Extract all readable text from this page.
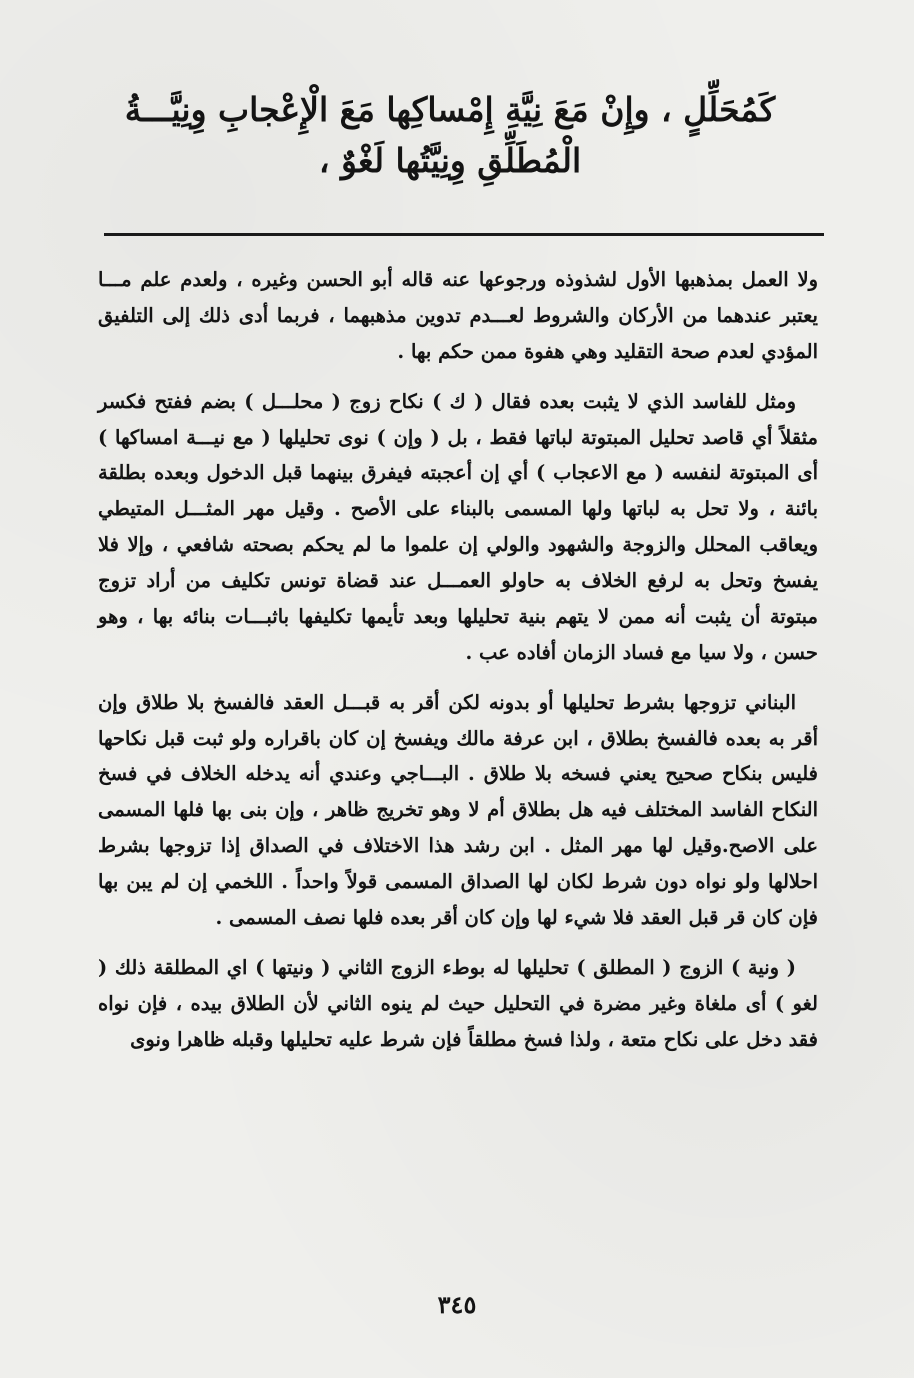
كَمُحَلِّلٍ ، وإِنْ مَعَ نِيَّةِ إِمْساكِها مَعَ الْإِعْجابِ وِنِيَّـــةُ
الْمُطَلِّقِ وِنِيَّتُها لَغْوٌ ،

ولا العمل بمذهبها الأول لشذوذه ورجوعها عنه قاله أبو الحسن وغيره ، ولعدم علم مـــا يعتبر عندهما من الأركان والشروط لعـــدم تدوين مذهبهما ، فربما أدى ذلك إلى التلفيق المؤدي لعدم صحة التقليد وهي هفوة ممن حكم بها .

ومثل للفاسد الذي لا يثبت بعده فقال ( ك ) نكاح زوج ( محلـــل ) بضم ففتح فكسر مثقلاً أي قاصد تحليل المبتوتة لباتها فقط ، بل ( وإن ) نوى تحليلها ( مع نيـــة امساكها ) أى المبتوتة لنفسه ( مع الاعجاب ) أي إن أعجبته فيفرق بينهما قبل الدخول وبعده بطلقة بائنة ، ولا تحل به لباتها ولها المسمى بالبناء على الأصح . وقيل مهر المثـــل المتيطي ويعاقب المحلل والزوجة والشهود والولي إن علموا ما لم يحكم بصحته شافعي ، وإلا فلا يفسخ وتحل به لرفع الخلاف به حاولو العمـــل عند قضاة تونس تكليف من أراد تزوج مبتوتة أن يثبت أنه ممن لا يتهم بنية تحليلها وبعد تأيمها تكليفها باثبـــات بنائه بها ، وهو حسن ، ولا سيا مع فساد الزمان أفاده عب .

البناني تزوجها بشرط تحليلها أو بدونه لكن أقر به قبـــل العقد فالفسخ بلا طلاق وإن أقر به بعده فالفسخ بطلاق ، ابن عرفة مالك ويفسخ إن كان باقراره ولو ثبت قبل نكاحها فليس بنكاح صحيح يعني فسخه بلا طلاق . البـــاجي وعندي أنه يدخله الخلاف في فسخ النكاح الفاسد المختلف فيه هل بطلاق أم لا وهو تخريج ظاهر ، وإن بنى بها فلها المسمى على الاصح.وقيل لها مهر المثل . ابن رشد هذا الاختلاف في الصداق إذا تزوجها بشرط احلالها ولو نواه دون شرط لكان لها الصداق المسمى قولاً واحداً . اللخمي إن لم يبن بها فإن كان قر قبل العقد فلا شيء لها وإن كان أقر بعده فلها نصف المسمى .

( ونية ) الزوج ( المطلق ) تحليلها له بوطء الزوج الثاني ( ونيتها ) اي المطلقة ذلك ( لغو ) أى ملغاة وغير مضرة في التحليل حيث لم ينوه الثاني لأن الطلاق بيده ، فإن نواه فقد دخل على نكاح متعة ، ولذا فسخ مطلقاً فإن شرط عليه تحليلها وقبله ظاهرا ونوى

٣٤٥
